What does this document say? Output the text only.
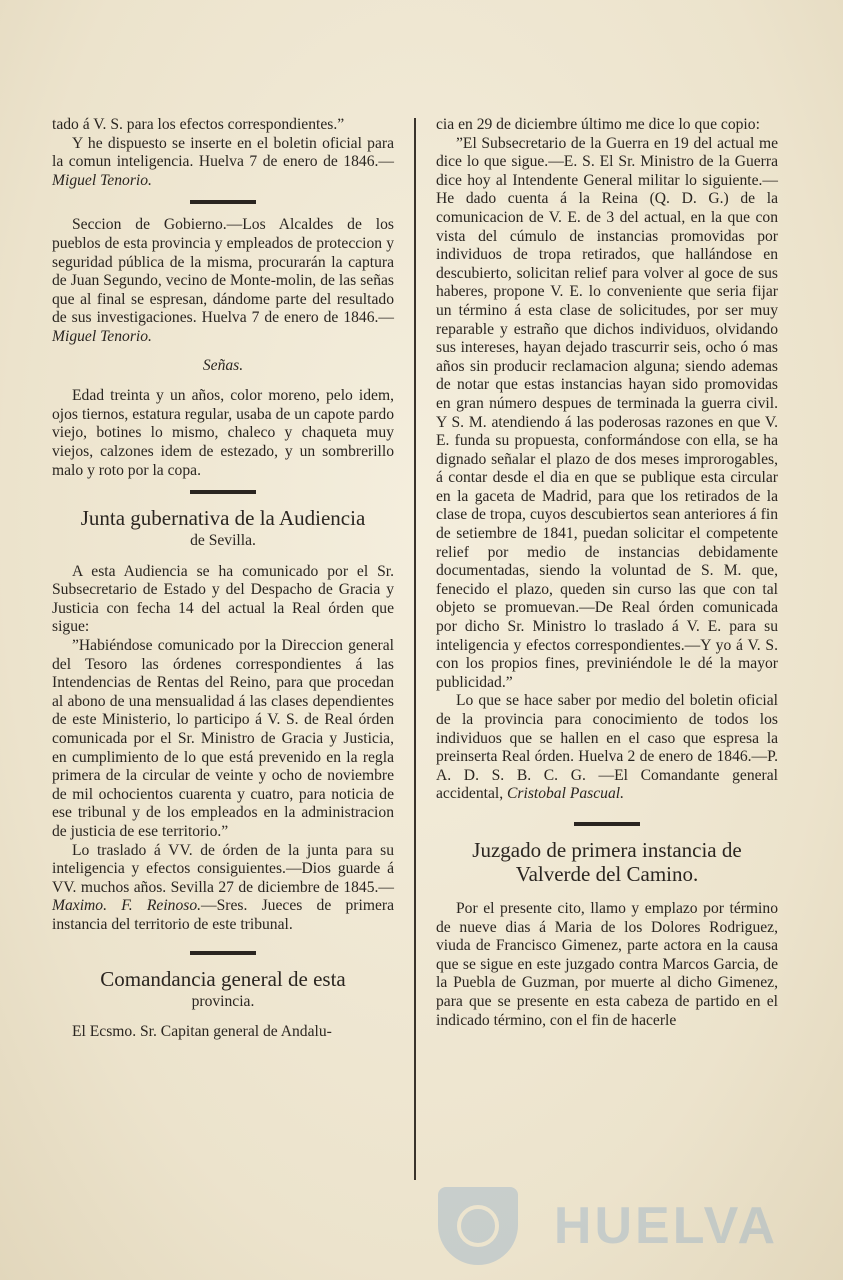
tado á V. S. para los efectos correspondientes.”

Y he dispuesto se inserte en el boletin oficial para la comun inteligencia. Huelva 7 de enero de 1846.—Miguel Tenorio.

Seccion de Gobierno.—Los Alcaldes de los pueblos de esta provincia y empleados de proteccion y seguridad pública de la misma, procurarán la captura de Juan Segundo, vecino de Monte-molin, de las señas que al final se espresan, dándome parte del resultado de sus investigaciones. Huelva 7 de enero de 1846.—Miguel Tenorio.

Señas.

Edad treinta y un años, color moreno, pelo idem, ojos tiernos, estatura regular, usaba de un capote pardo viejo, botines lo mismo, chaleco y chaqueta muy viejos, calzones idem de estezado, y un sombrerillo malo y roto por la copa.

Junta gubernativa de la Audiencia
de Sevilla.

A esta Audiencia se ha comunicado por el Sr. Subsecretario de Estado y del Despacho de Gracia y Justicia con fecha 14 del actual la Real órden que sigue:

”Habiéndose comunicado por la Direccion general del Tesoro las órdenes correspondientes á las Intendencias de Rentas del Reino, para que procedan al abono de una mensualidad á las clases dependientes de este Ministerio, lo participo á V. S. de Real órden comunicada por el Sr. Ministro de Gracia y Justicia, en cumplimiento de lo que está prevenido en la regla primera de la circular de veinte y ocho de noviembre de mil ochocientos cuarenta y cuatro, para noticia de ese tribunal y de los empleados en la administracion de justicia de ese territorio.”

Lo traslado á VV. de órden de la junta para su inteligencia y efectos consiguientes.—Dios guarde á VV. muchos años. Sevilla 27 de diciembre de 1845.—Maximo. F. Reinoso.—Sres. Jueces de primera instancia del territorio de este tribunal.

Comandancia general de esta
provincia.

El Ecsmo. Sr. Capitan general de Andalu-

cia en 29 de diciembre último me dice lo que copio:

”El Subsecretario de la Guerra en 19 del actual me dice lo que sigue.—E. S. El Sr. Ministro de la Guerra dice hoy al Intendente General militar lo siguiente.—He dado cuenta á la Reina (Q. D. G.) de la comunicacion de V. E. de 3 del actual, en la que con vista del cúmulo de instancias promovidas por individuos de tropa retirados, que hallándose en descubierto, solicitan relief para volver al goce de sus haberes, propone V. E. lo conveniente que seria fijar un término á esta clase de solicitudes, por ser muy reparable y estraño que dichos individuos, olvidando sus intereses, hayan dejado trascurrir seis, ocho ó mas años sin producir reclamacion alguna; siendo ademas de notar que estas instancias hayan sido promovidas en gran número despues de terminada la guerra civil. Y S. M. atendiendo á las poderosas razones en que V. E. funda su propuesta, conformándose con ella, se ha dignado señalar el plazo de dos meses improrogables, á contar desde el dia en que se publique esta circular en la gaceta de Madrid, para que los retirados de la clase de tropa, cuyos descubiertos sean anteriores á fin de setiembre de 1841, puedan solicitar el competente relief por medio de instancias debidamente documentadas, siendo la voluntad de S. M. que, fenecido el plazo, queden sin curso las que con tal objeto se promuevan.—De Real órden comunicada por dicho Sr. Ministro lo traslado á V. E. para su inteligencia y efectos correspondientes.—Y yo á V. S. con los propios fines, previniéndole le dé la mayor publicidad.”

Lo que se hace saber por medio del boletin oficial de la provincia para conocimiento de todos los individuos que se hallen en el caso que espresa la preinserta Real órden. Huelva 2 de enero de 1846.—P. A. D. S. B. C. G. —El Comandante general accidental, Cristobal Pascual.

Juzgado de primera instancia de Valverde del Camino.

Por el presente cito, llamo y emplazo por término de nueve dias á Maria de los Dolores Rodriguez, viuda de Francisco Gimenez, parte actora en la causa que se sigue en este juzgado contra Marcos Garcia, de la Puebla de Guzman, por muerte al dicho Gimenez, para que se presente en esta cabeza de partido en el indicado término, con el fin de hacerle

HUELVA
